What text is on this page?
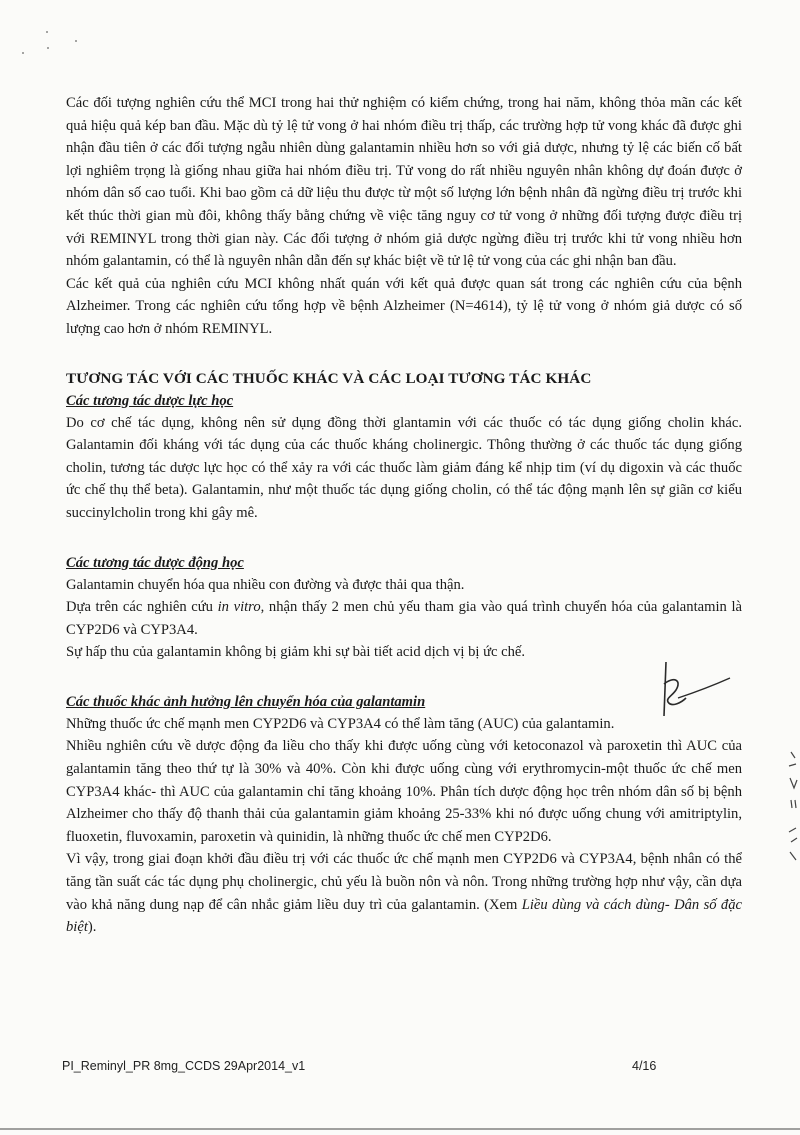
Các đối tượng nghiên cứu thể MCI trong hai thử nghiệm có kiểm chứng, trong hai năm, không thỏa mãn các kết quả hiệu quả kép ban đầu. Mặc dù tỷ lệ tử vong ở hai nhóm điều trị thấp, các trường hợp tử vong khác đã được ghi nhận đầu tiên ở các đối tượng ngẫu nhiên dùng galantamin nhiều hơn so với giả dược, nhưng tỷ lệ các biến cố bất lợi nghiêm trọng là giống nhau giữa hai nhóm điều trị. Tử vong do rất nhiều nguyên nhân không dự đoán được ở nhóm dân số cao tuổi. Khi bao gồm cả dữ liệu thu được từ một số lượng lớn bệnh nhân đã ngừng điều trị trước khi kết thúc thời gian mù đôi, không thấy bằng chứng về việc tăng nguy cơ tử vong ở những đối tượng được điều trị với REMINYL trong thời gian này. Các đối tượng ở nhóm giả dược ngừng điều trị trước khi tử vong nhiều hơn nhóm galantamin, có thể là nguyên nhân dẫn đến sự khác biệt về tử lệ tử vong của các ghi nhận ban đầu.

Các kết quả của nghiên cứu MCI không nhất quán với kết quả được quan sát trong các nghiên cứu của bệnh Alzheimer. Trong các nghiên cứu tổng hợp về bệnh Alzheimer (N=4614), tỷ lệ tử vong ở nhóm giả dược có số lượng cao hơn ở nhóm REMINYL.

TƯƠNG TÁC VỚI CÁC THUỐC KHÁC VÀ CÁC LOẠI TƯƠNG TÁC KHÁC
Các tương tác dược lực học

Do cơ chế tác dụng, không nên sử dụng đồng thời glantamin với các thuốc có tác dụng giống cholin khác. Galantamin đối kháng với tác dụng của các thuốc kháng cholinergic. Thông thường ở các thuốc tác dụng giống cholin, tương tác dược lực học có thể xảy ra với các thuốc làm giảm đáng kể nhịp tim (ví dụ digoxin và các thuốc ức chế thụ thể beta). Galantamin, như một thuốc tác dụng giống cholin, có thể tác động mạnh lên sự giãn cơ kiểu succinylcholin trong khi gây mê.

Các tương tác dược động học

Galantamin chuyển hóa qua nhiều con đường và được thải qua thận.

Dựa trên các nghiên cứu in vitro, nhận thấy 2 men chủ yếu tham gia vào quá trình chuyển hóa của galantamin là CYP2D6 và CYP3A4.

Sự hấp thu của galantamin không bị giảm khi sự bài tiết acid dịch vị bị ức chế.

Các thuốc khác ảnh hưởng lên chuyển hóa của galantamin

Những thuốc ức chế mạnh men CYP2D6 và CYP3A4 có thể làm tăng (AUC) của galantamin.

Nhiều nghiên cứu về dược động đa liều cho thấy khi được uống cùng với ketoconazol và paroxetin thì AUC của galantamin tăng theo thứ tự là 30% và 40%. Còn khi được uống cùng với erythromycin-một thuốc ức chế men CYP3A4 khác- thì AUC của galantamin chỉ tăng khoảng 10%. Phân tích dược động học trên nhóm dân số bị bệnh Alzheimer cho thấy độ thanh thải của galantamin giảm khoảng 25-33% khi nó được uống chung với amitriptylin, fluoxetin, fluvoxamin, paroxetin và quinidin, là những thuốc ức chế men CYP2D6.

Vì vậy, trong giai đoạn khởi đầu điều trị với các thuốc ức chế mạnh men CYP2D6 và CYP3A4, bệnh nhân có thể tăng tần suất các tác dụng phụ cholinergic, chủ yếu là buồn nôn và nôn. Trong những trường hợp như vậy, cần dựa vào khả năng dung nạp để cân nhắc giảm liều duy trì của galantamin. (Xem Liều dùng và cách dùng- Dân số đặc biệt).

PI_Reminyl_PR 8mg_CCDS 29Apr2014_v1	4/16
